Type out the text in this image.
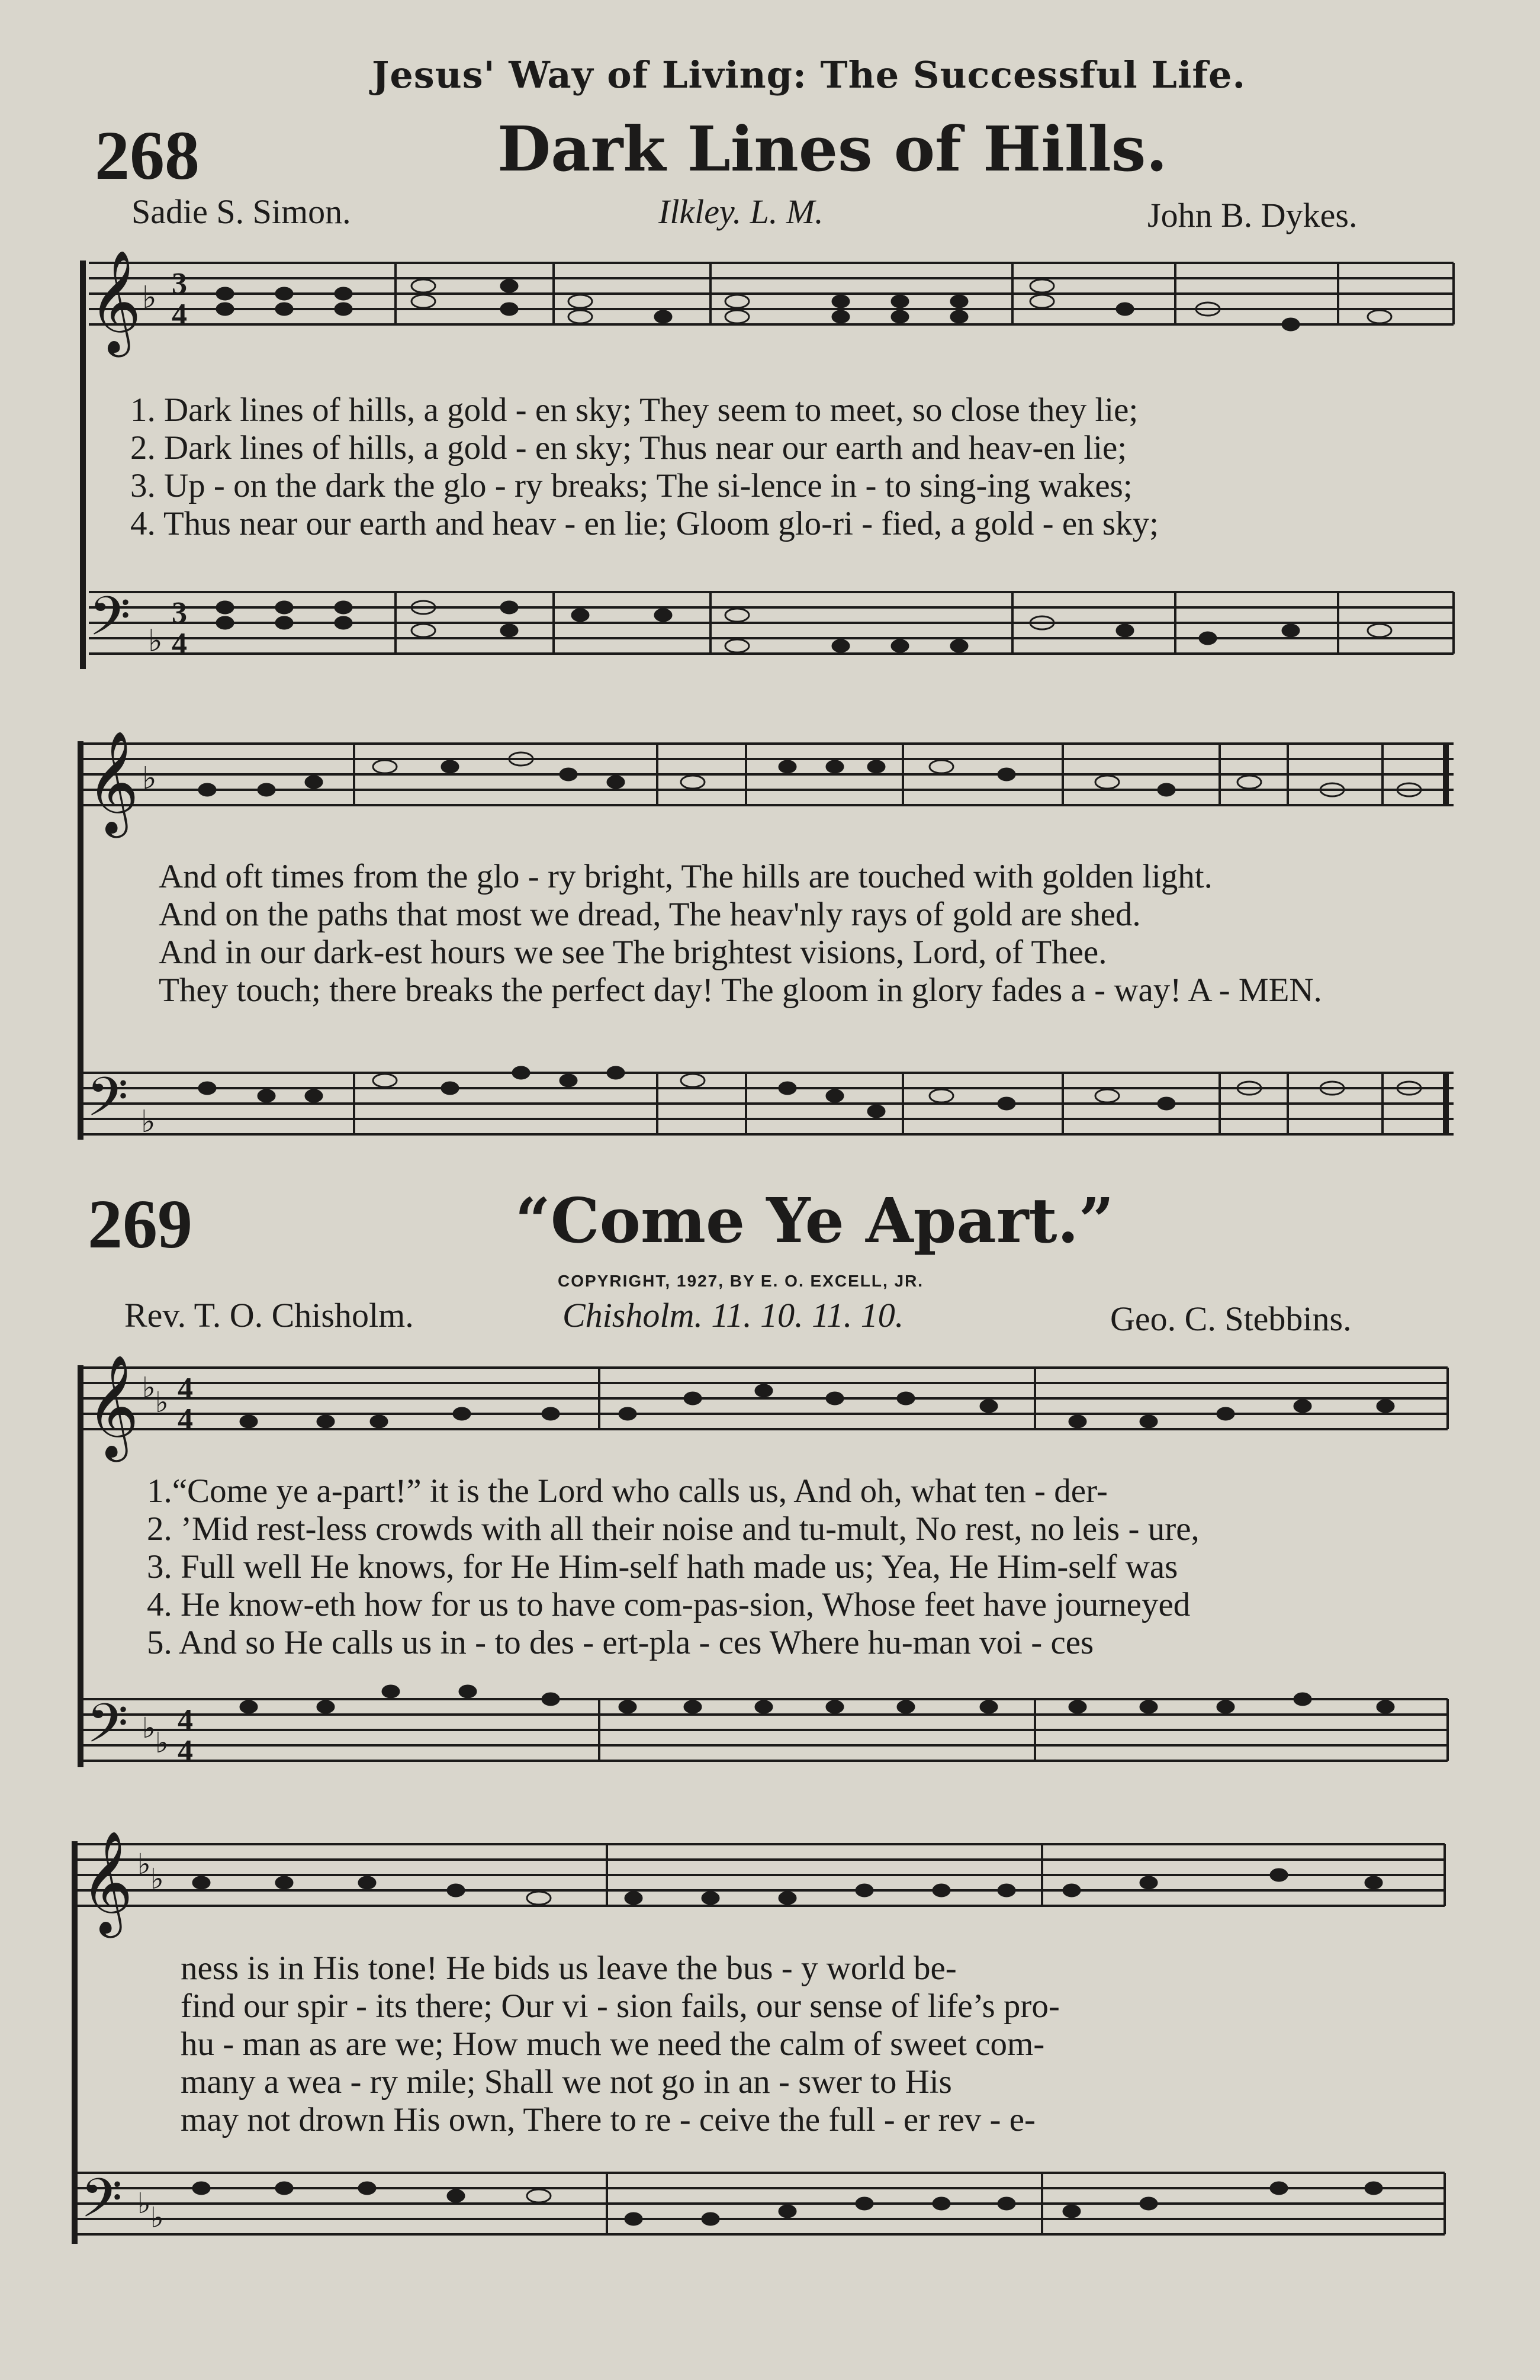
Jesus' Way of Living: The Successful Life.
268	Dark Lines of Hills.
Sadie S. Simon.	Ilkley. L. M.	John B. Dykes.
𝄞
𝄢
♭ 3
4
♭
3
4
𝄞 ♭
𝄢 ♭
𝄞 ♭ ♭ 4
4
𝄢 ♭ ♭
4
4
𝄞 ♭ ♭
𝄢 ♭ ♭
1. Dark lines of hills, a gold - en sky; They seem to meet, so close they lie;
2. Dark lines of hills, a gold - en sky; Thus near our earth and heav-en lie;
3. Up - on the dark the glo - ry breaks; The si-lence in - to sing-ing wakes;
4. Thus near our earth and heav - en lie; Gloom glo-ri - fied, a gold - en sky;
And oft times from the glo - ry bright, The hills are touched with golden light.
And on the paths that most we dread, The heav'nly rays of gold are shed.
And in our dark-est hours we see The brightest visions, Lord, of Thee.
They touch; there breaks the perfect day! The gloom in glory fades a - way! A - MEN.
269	“Come Ye Apart.”
COPYRIGHT, 1927, BY E. O. EXCELL, JR.
Rev. T. O. Chisholm.	Chisholm. 11. 10. 11. 10.	Geo. C. Stebbins.
1.“Come ye a-part!” it is the Lord who calls us, And oh, what ten - der-
2. ’Mid rest-less crowds with all their noise and tu-mult, No rest, no leis - ure,
3. Full well He knows, for He Him-self hath made us; Yea, He Him-self was
4. He know-eth how for us to have com-pas-sion, Whose feet have journeyed
5. And so He calls us in - to des - ert-pla - ces Where hu-man voi - ces
ness is in His tone! He bids us leave the bus - y world be-
find our spir - its there; Our vi - sion fails, our sense of life’s pro-
hu - man as are we; How much we need the calm of sweet com-
many a wea - ry mile; Shall we not go in an - swer to His
may not drown His own, There to re - ceive the full - er rev - e-
